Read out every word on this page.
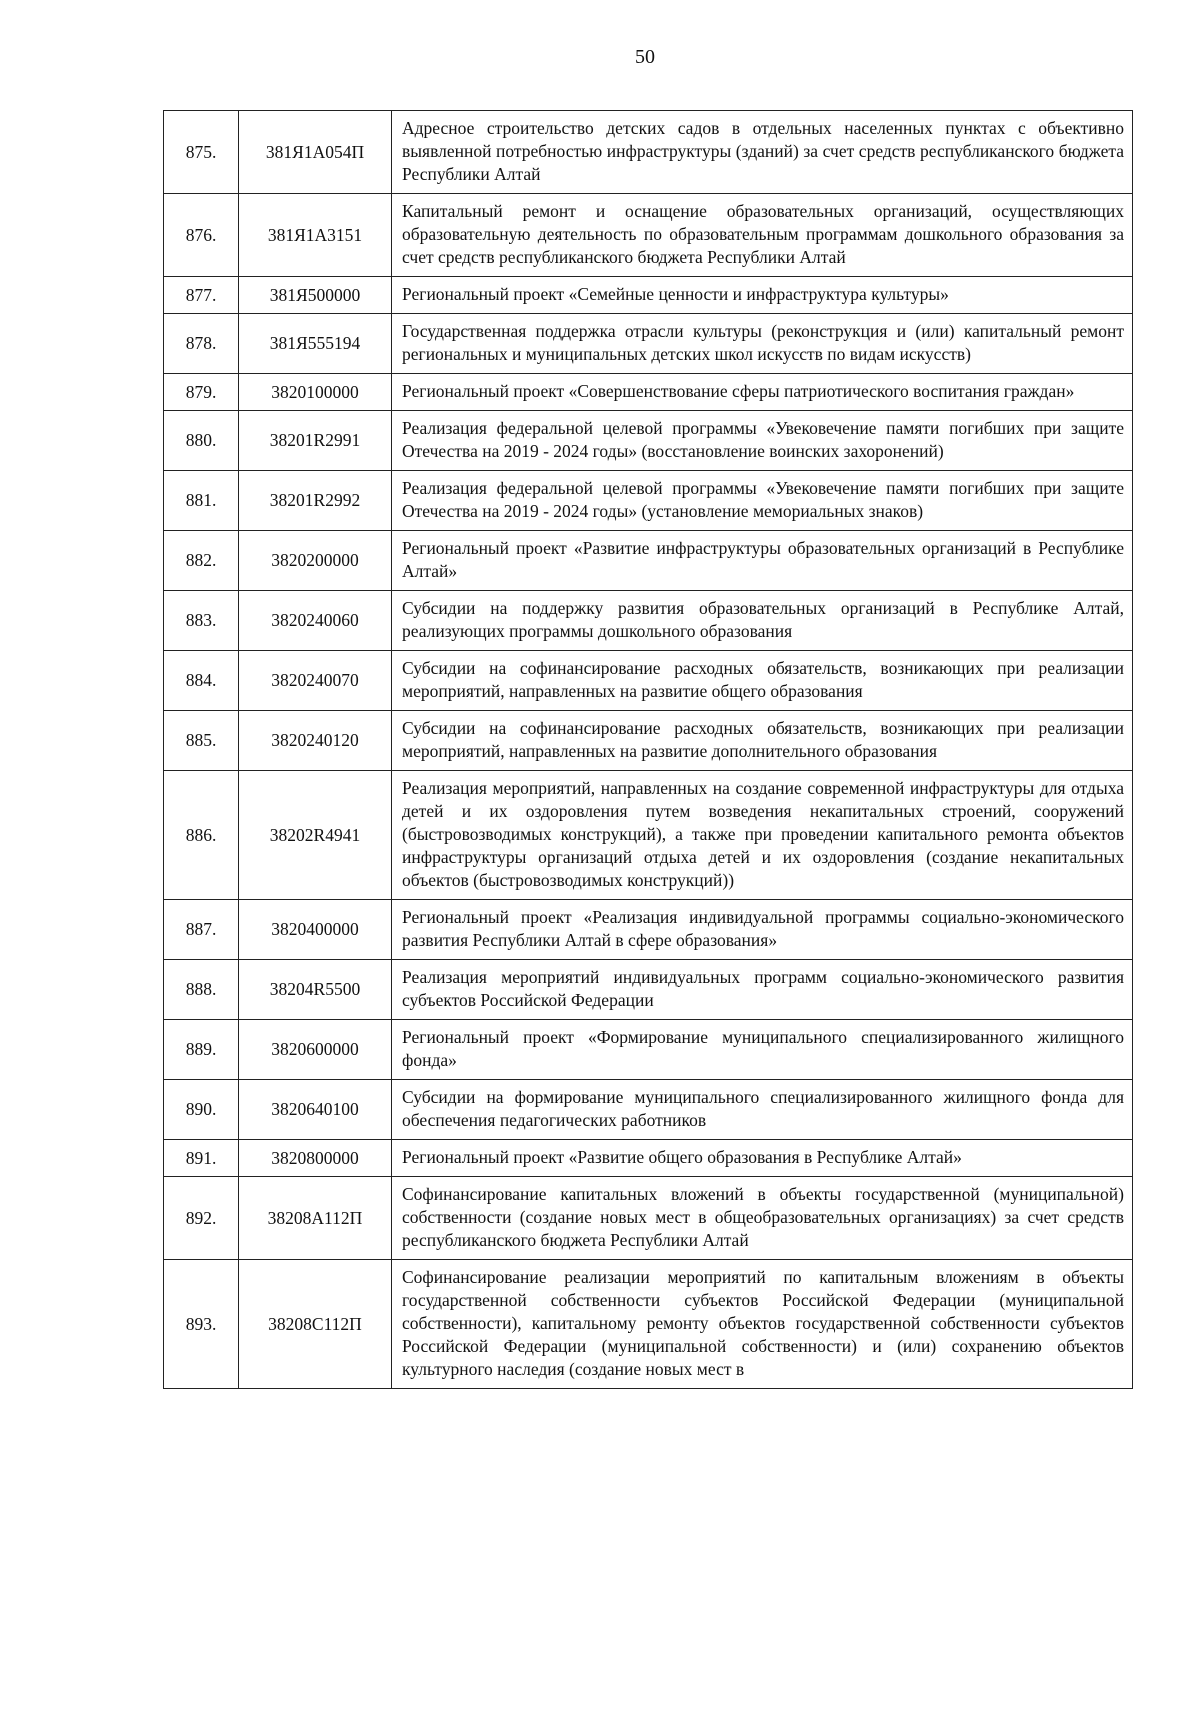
50
875.	381Я1А054П	Адресное строительство детских садов в отдельных населенных пунктах с объективно выявленной потребностью инфраструктуры (зданий) за счет средств республиканского бюджета Республики Алтай
876.	381Я1А3151	Капитальный ремонт и оснащение образовательных организаций, осуществляющих образовательную деятельность по образовательным программам дошкольного образования за счет средств республиканского бюджета Республики Алтай
877.	381Я500000	Региональный проект «Семейные ценности и инфраструктура культуры»
878.	381Я555194	Государственная поддержка отрасли культуры (реконструкция и (или) капитальный ремонт региональных и муниципальных детских школ искусств по видам искусств)
879.	3820100000	Региональный проект «Совершенствование сферы патриотического воспитания граждан»
880.	38201R2991	Реализация федеральной целевой программы «Увековечение памяти погибших при защите Отечества на 2019 - 2024 годы» (восстановление воинских захоронений)
881.	38201R2992	Реализация федеральной целевой программы «Увековечение памяти погибших при защите Отечества на 2019 - 2024 годы» (установление мемориальных знаков)
882.	3820200000	Региональный проект «Развитие инфраструктуры образовательных организаций в Республике Алтай»
883.	3820240060	Субсидии на поддержку развития образовательных организаций в Республике Алтай, реализующих программы дошкольного образования
884.	3820240070	Субсидии на софинансирование расходных обязательств, возникающих при реализации мероприятий, направленных на развитие общего образования
885.	3820240120	Субсидии на софинансирование расходных обязательств, возникающих при реализации мероприятий, направленных на развитие дополнительного образования
886.	38202R4941	Реализация мероприятий, направленных на создание современной инфраструктуры для отдыха детей и их оздоровления путем возведения некапитальных строений, сооружений (быстровозводимых конструкций), а также при проведении капитального ремонта объектов инфраструктуры организаций отдыха детей и их оздоровления (создание некапитальных объектов (быстровозводимых конструкций))
887.	3820400000	Региональный проект «Реализация индивидуальной программы социально-экономического развития Республики Алтай в сфере образования»
888.	38204R5500	Реализация мероприятий индивидуальных программ социально-экономического развития субъектов Российской Федерации
889.	3820600000	Региональный проект «Формирование муниципального специализированного жилищного фонда»
890.	3820640100	Субсидии на формирование муниципального специализированного жилищного фонда для обеспечения педагогических работников
891.	3820800000	Региональный проект «Развитие общего образования в Республике Алтай»
892.	38208А112П	Софинансирование капитальных вложений в объекты государственной (муниципальной) собственности (создание новых мест в общеобразовательных организациях) за счет средств республиканского бюджета Республики Алтай
893.	38208С112П	Софинансирование реализации мероприятий по капитальным вложениям в объекты государственной собственности субъектов Российской Федерации (муниципальной собственности), капитальному ремонту объектов государственной собственности субъектов Российской Федерации (муниципальной собственности) и (или) сохранению объектов культурного наследия (создание новых мест в
